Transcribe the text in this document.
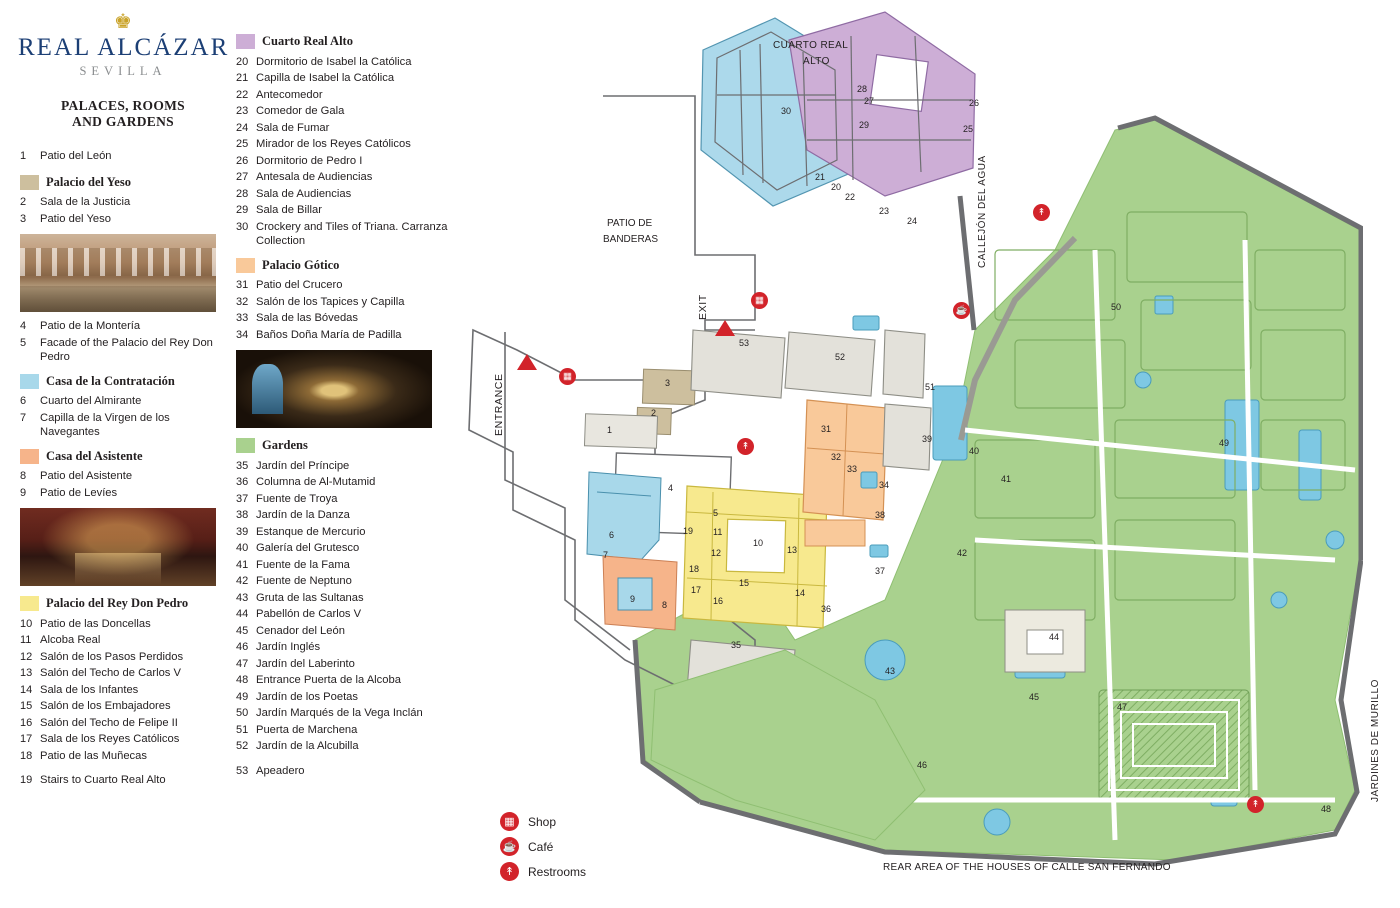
♚
REAL ALCÁZAR
SEVILLA
PALACES, ROOMS
AND GARDENS
1	Patio del León
Palacio del Yeso
2	Sala de la Justicia
3	Patio del Yeso
4	Patio de la Montería
5	Facade of the Palacio del Rey Don Pedro
Casa de la Contratación
6	Cuarto del Almirante
7	Capilla de la Virgen de los Navegantes
Casa del Asistente
8	Patio del Asistente
9	Patio de Levíes
Palacio del Rey Don Pedro
10 Patio de las Doncellas
11 Alcoba Real
12 Salón de los Pasos Perdidos
13 Salón del Techo de Carlos V
14 Sala de los Infantes
15 Salón de los Embajadores
16 Salón del Techo de Felipe II
17 Sala de los Reyes Católicos
18 Patio de las Muñecas
19 Stairs to Cuarto Real Alto
Cuarto Real Alto
20 Dormitorio de Isabel la Católica
21 Capilla de Isabel la Católica
22 Antecomedor
23 Comedor de Gala
24 Sala de Fumar
25 Mirador de los Reyes Católicos
26 Dormitorio de Pedro I
27 Antesala de Audiencias
28 Sala de Audiencias
29 Sala de Billar
30 Crockery and Tiles of Triana. Carranza Collection
Palacio Gótico
31 Patio del Crucero
32 Salón de los Tapices y Capilla
33 Sala de las Bóvedas
34 Baños Doña María de Padilla
Gardens
35 Jardín del Príncipe
36 Columna de Al-Mutamid
37 Fuente de Troya
38 Jardín de la Danza
39 Estanque de Mercurio
40 Galería del Grutesco
41 Fuente de la Fama
42 Fuente de Neptuno
43 Gruta de las Sultanas
44 Pabellón de Carlos V
45 Cenador del León
46 Jardín Inglés
47 Jardín del Laberinto
48 Entrance Puerta de la Alcoba
49 Jardín de los Poetas
50 Jardín Marqués de la Vega Inclán
51 Puerta de Marchena
52 Jardín de la Alcubilla
53 Apeadero
▦	Shop
☕ Café
↟	Restrooms
CUARTO REAL
ALTO
PATIO DE
BANDERAS	CALLEJÓN DEL AGUA
JARDINES DE MURILLO
REAR AREA OF THE HOUSES OF CALLE SAN FERNANDO
ENTRANCE
EXIT
1
2
3
4
5
6
7
8
9
10
11
12	13
14
15
16
17
18
19
20
21
22
23
24
25
26
27
28
29
30
31
32
33
34
35
36
37
38
39
40
41
42
43
44
45
46
47
48
49
50
51
52
53
▦
▦
☕
↟
↟
↟
